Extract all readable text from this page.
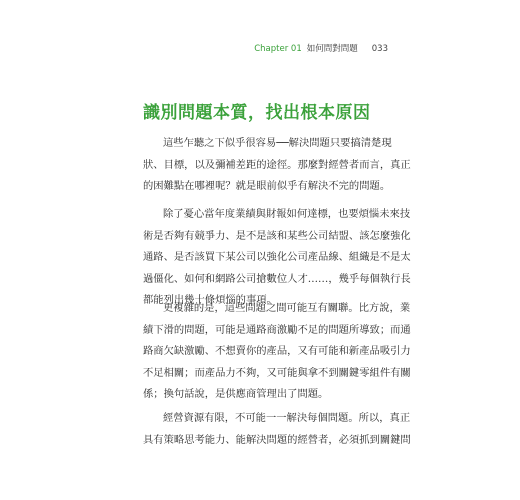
Chapter 01 如何問對問題 033
識別問題本質，找出根本原因
這些乍聽之下似乎很容易──解決問題只要搞清楚現
狀、目標，以及彌補差距的途徑。那麼對經營者而言，真正
的困難點在哪裡呢？就是眼前似乎有解決不完的問題。
除了憂心當年度業績與財報如何達標，也要煩惱未來技
術是否夠有競爭力、是不是該和某些公司結盟、該怎麼強化
通路、是否該買下某公司以強化公司產品線、組織是不是太
過僵化、如何和網路公司搶數位人才……，幾乎每個執行長
都能列出幾十條煩惱的事項。
更複雜的是，這些問題之間可能互有關聯。比方說，業
績下滑的問題，可能是通路商激勵不足的問題所導致；而通
路商欠缺激勵、不想賣你的產品，又有可能和新產品吸引力
不足相關；而產品力不夠，又可能與拿不到關鍵零組件有關
係；換句話說，是供應商管理出了問題。
經營資源有限，不可能一一解決每個問題。所以，真正
具有策略思考能力、能解決問題的經營者，必須抓到關鍵問
